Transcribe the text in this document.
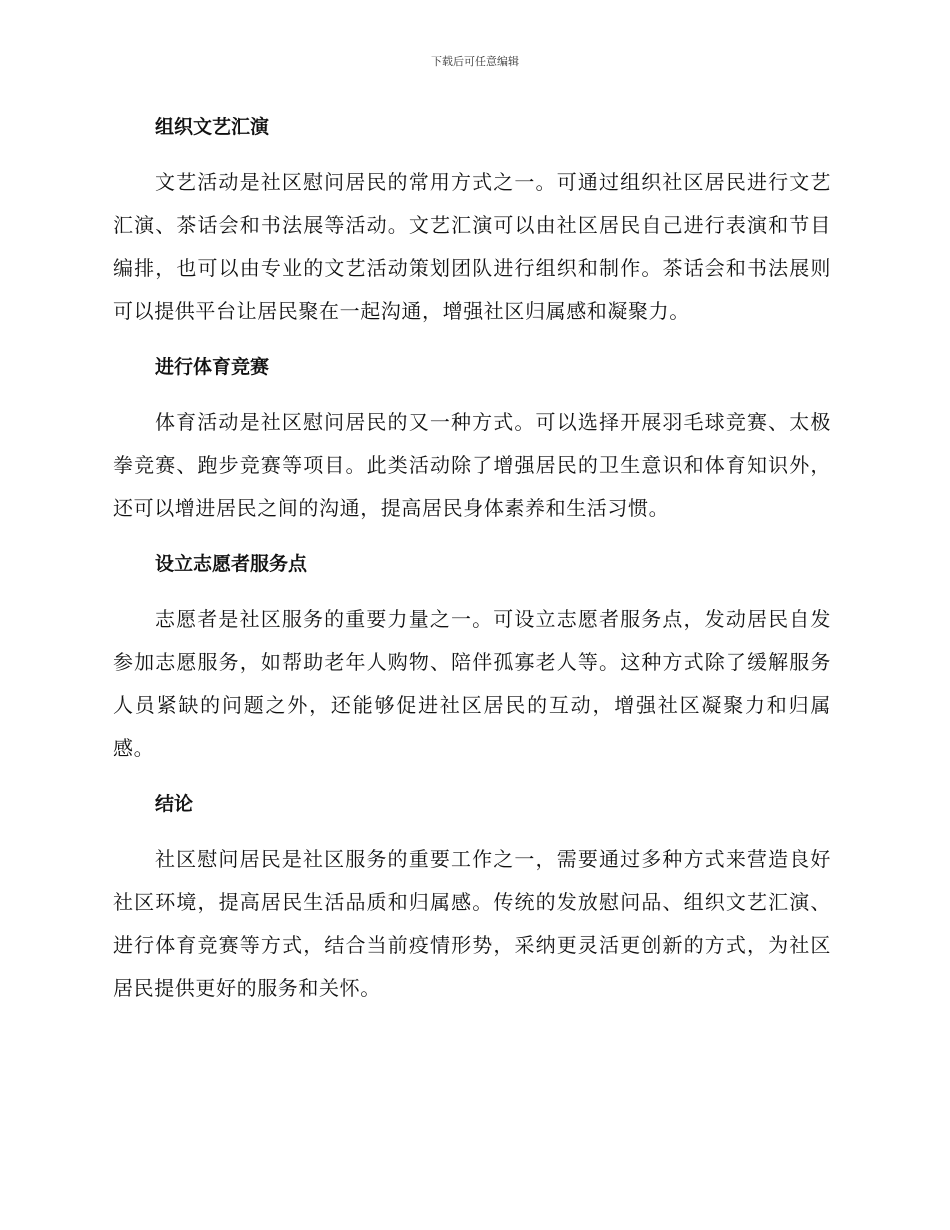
下载后可任意编辑
组织文艺汇演

文艺活动是社区慰问居民的常用方式之一。可通过组织社区居民进行文艺汇演、茶话会和书法展等活动。文艺汇演可以由社区居民自己进行表演和节目编排，也可以由专业的文艺活动策划团队进行组织和制作。茶话会和书法展则可以提供平台让居民聚在一起沟通，增强社区归属感和凝聚力。

进行体育竞赛

体育活动是社区慰问居民的又一种方式。可以选择开展羽毛球竞赛、太极拳竞赛、跑步竞赛等项目。此类活动除了增强居民的卫生意识和体育知识外，还可以增进居民之间的沟通，提高居民身体素养和生活习惯。

设立志愿者服务点

志愿者是社区服务的重要力量之一。可设立志愿者服务点，发动居民自发参加志愿服务，如帮助老年人购物、陪伴孤寡老人等。这种方式除了缓解服务人员紧缺的问题之外，还能够促进社区居民的互动，增强社区凝聚力和归属感。

结论

社区慰问居民是社区服务的重要工作之一，需要通过多种方式来营造良好社区环境，提高居民生活品质和归属感。传统的发放慰问品、组织文艺汇演、进行体育竞赛等方式，结合当前疫情形势，采纳更灵活更创新的方式，为社区居民提供更好的服务和关怀。
